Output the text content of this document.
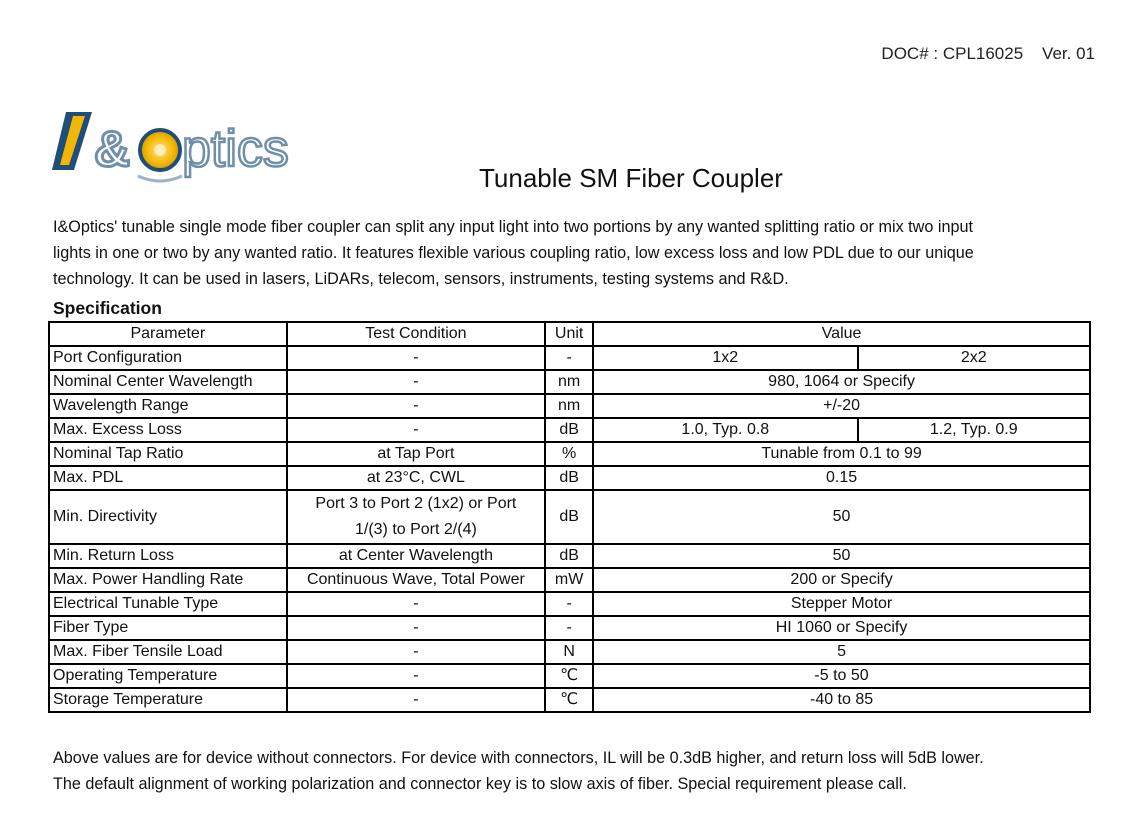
DOC# : CPL16025    Ver. 01
& ptics	Tunable SM Fiber Coupler
I&Optics' tunable single mode fiber coupler can split any input light into two portions by any wanted splitting ratio or mix two input
lights in one or two by any wanted ratio. It features flexible various coupling ratio, low excess loss and low PDL due to our unique
technology. It can be used in lasers, LiDARs, telecom, sensors, instruments, testing systems and R&D.
Specification
Parameter	Test Condition	Unit	Value	
Port Configuration	-	-	1x2	2x2
Nominal Center Wavelength	-	nm	980, 1064 or Specify	
Wavelength Range	-	nm	+/-20	
Max. Excess Loss	-	dB	1.0, Typ. 0.8	1.2, Typ. 0.9
Nominal Tap Ratio	at Tap Port	%	Tunable from 0.1 to 99	
Max. PDL	at 23°C, CWL	dB	0.15	
Min. Directivity	Port 3 to Port 2 (1x2) or Port
1/(3) to Port 2/(4)	dB	50	
Min. Return Loss	at Center Wavelength	dB	50	
Max. Power Handling Rate	Continuous Wave, Total Power	mW	200 or Specify	
Electrical Tunable Type	-	-	Stepper Motor	
Fiber Type	-	-	HI 1060 or Specify	
Max. Fiber Tensile Load	-	N	5	
Operating Temperature	-	℃	-5 to 50	
Storage Temperature	-	℃	-40 to 85	
Above values are for device without connectors. For device with connectors, IL will be 0.3dB higher, and return loss will 5dB lower.
The default alignment of working polarization and connector key is to slow axis of fiber. Special requirement please call.
